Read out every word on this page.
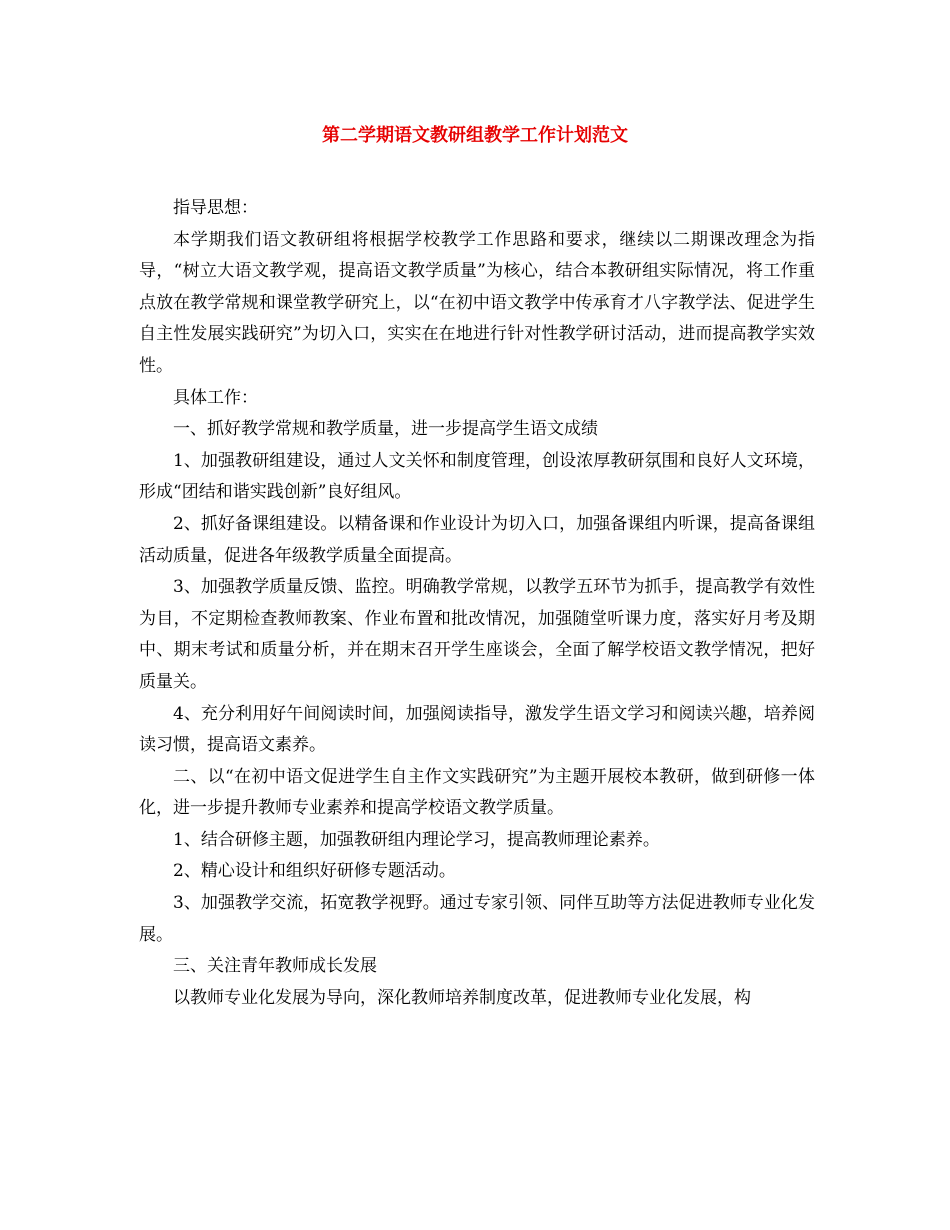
第二学期语文教研组教学工作计划范文

指导思想：

本学期我们语文教研组将根据学校教学工作思路和要求，继续以二期课改理念为指导，“树立大语文教学观，提高语文教学质量”为核心，结合本教研组实际情况，将工作重点放在教学常规和课堂教学研究上，以“在初中语文教学中传承育才八字教学法、促进学生自主性发展实践研究”为切入口，实实在在地进行针对性教学研讨活动，进而提高教学实效性。

具体工作：

一、抓好教学常规和教学质量，进一步提高学生语文成绩

1、加强教研组建设，通过人文关怀和制度管理，创设浓厚教研氛围和良好人文环境，形成“团结和谐实践创新”良好组风。

2、抓好备课组建设。以精备课和作业设计为切入口，加强备课组内听课，提高备课组活动质量，促进各年级教学质量全面提高。

3、加强教学质量反馈、监控。明确教学常规，以教学五环节为抓手，提高教学有效性为目，不定期检查教师教案、作业布置和批改情况，加强随堂听课力度，落实好月考及期中、期末考试和质量分析，并在期末召开学生座谈会，全面了解学校语文教学情况，把好质量关。

4、充分利用好午间阅读时间，加强阅读指导，激发学生语文学习和阅读兴趣，培养阅读习惯，提高语文素养。

二、以“在初中语文促进学生自主作文实践研究”为主题开展校本教研，做到研修一体化，进一步提升教师专业素养和提高学校语文教学质量。

1、结合研修主题，加强教研组内理论学习，提高教师理论素养。

2、精心设计和组织好研修专题活动。

3、加强教学交流，拓宽教学视野。通过专家引领、同伴互助等方法促进教师专业化发展。

三、关注青年教师成长发展

以教师专业化发展为导向，深化教师培养制度改革，促进教师专业化发展，构
